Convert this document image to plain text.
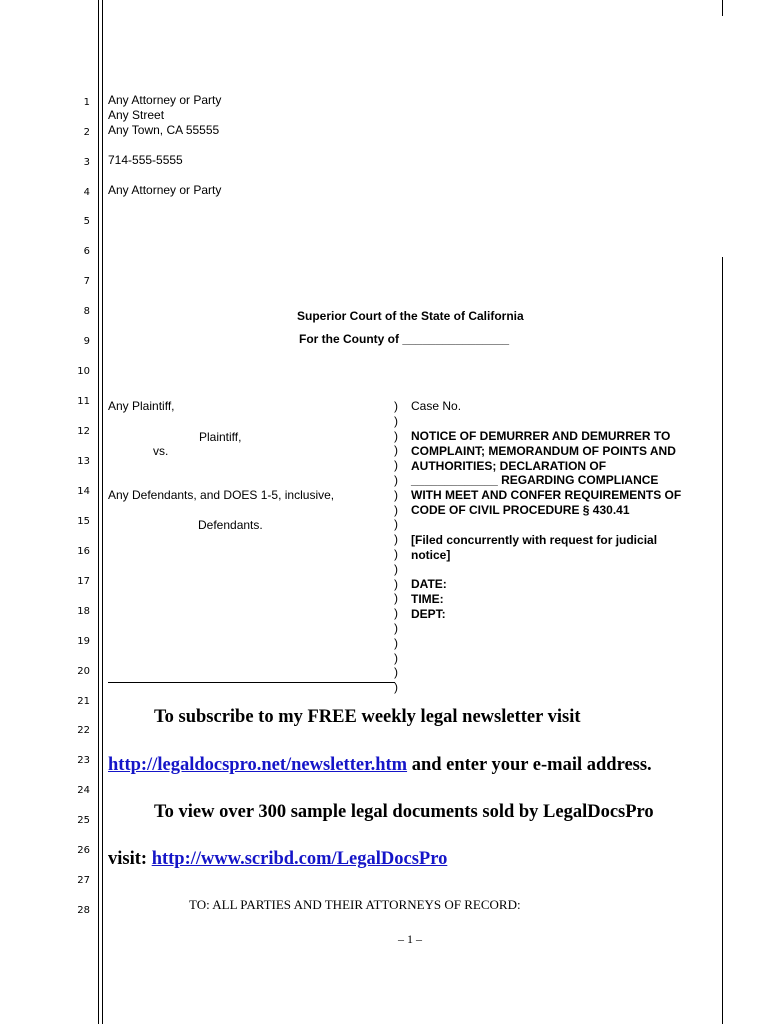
1
2
3
4
5
6
7
8
9
10
11
12
13
14
15
16
17
18
19
20
21
22
23
24
25
26
27
28
Any Attorney or Party
Any Street
Any Town, CA 55555
714-555-5555
Any Attorney or Party
Superior Court of the State of California
For the County of ________________
Any Plaintiff,
Plaintiff,
vs.
Any Defendants, and DOES 1-5, inclusive,
Defendants.
)
)
)
)
)
)
)
)
)
)
)
)
)
)
)
)
)
)
)
)
Case No.
NOTICE OF DEMURRER AND DEMURRER TO
COMPLAINT; MEMORANDUM OF POINTS AND
AUTHORITIES; DECLARATION OF
_____________ REGARDING COMPLIANCE
WITH MEET AND CONFER REQUIREMENTS OF
CODE OF CIVIL PROCEDURE § 430.41
[Filed concurrently with request for judicial
notice]
DATE:
TIME:
DEPT:
To subscribe to my FREE weekly legal newsletter visit
http://legaldocspro.net/newsletter.htm and enter your e-mail address.
To view over 300 sample legal documents sold by LegalDocsPro
visit: http://www.scribd.com/LegalDocsPro
TO: ALL PARTIES AND THEIR ATTORNEYS OF RECORD:
– 1 –
